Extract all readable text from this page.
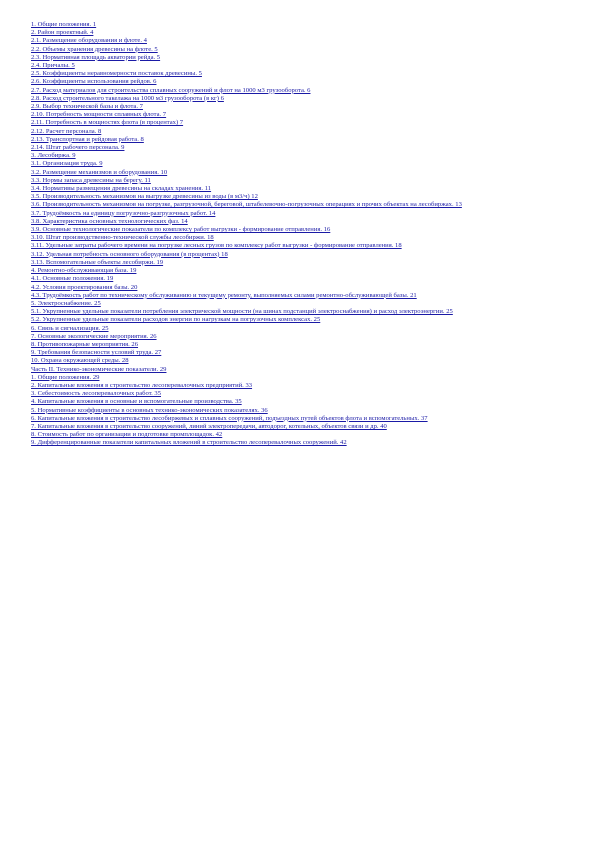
1. Общие положения. 1
2. Район проектный. 4
2.1. Размещение оборудования и флоте. 4
2.2. Объемы хранения древесины на флоте. 5
2.3. Нормативная площадь акватории рейда. 5
2.4. Причалы. 5
2.5. Коэффициенты неравномерности поставок древесины. 5
2.6. Коэффициенты использования рейдов. 6
2.7. Расход материалов для строительства сплавных сооружений и флот на 1000 м3 грузооборота. 6
2.8. Расход строительного такелажа на 1000 м3 грузооборота (в кг) 6
2.9. Выбор технической базы и флота. 7
2.10. Потребность мощности сплавных флота. 7
2.11. Потребность в мощностях флота (в процентах) 7
2.12. Расчет персонала. 8
2.13. Транспортная и рейдовая работа. 8
2.14. Штат рабочего персонала. 9
3. Лесобиржа. 9
3.1. Организация труда. 9
3.2. Размещение механизмов и оборудования. 10
3.3. Нормы запаса древесины на берегу. 11
3.4. Нормативы размещения древесины на складах хранения. 11
3.5. Производительность механизмов на выгрузке древесины из воды (в м3/ч) 12
3.6. Производительность механизмов на погрузке, разгрузочной, береговой, штабелевочно-погрузочных операциях и прочих объектах на лесобиржах. 13
3.7. Трудоёмкость на единицу погрузочно-разгрузочных работ. 14
3.8. Характеристика основных технологических фаз. 14
3.9. Основные технологические показатели по комплексу работ выгрузки - формирование отправления. 16
3.10. Штат производственно-технической службы лесобиржи. 18
3.11. Удельные затраты рабочего времени на погрузке лесных грузов по комплексу работ выгрузки - формирование отправления. 18
3.12. Удельная потребность основного оборудования (в процентах) 18
3.13. Вспомогательные объекты лесобиржи. 19
4. Ремонтно-обслуживающая база. 19
4.1. Основные положения. 19
4.2. Условия проектирования базы. 20
4.3. Трудоёмкость работ по техническому обслуживанию и текущему ремонту, выполняемых силами ремонтно-обслуживающей базы. 21
5. Электроснабжение. 25
5.1. Укрупненные удельные показатели потребления электрической мощности (на шинах подстанций электроснабжения) и расход электроэнергии. 25
5.2. Укрупненные удельные показатели расходов энергии по нагрузкам на погрузочных комплексах. 25
6. Связь и сигнализация. 25
7. Основные экологические мероприятия. 26
8. Противопожарные мероприятия. 26
9. Требования безопасности условий труда. 27
10. Охрана окружающей среды. 28
Часть II. Технико-экономические показатели. 29
1. Общие положения. 29
2. Капитальные вложения в строительство лесоперевалочных предприятий. 33
3. Себестоимость лесоперевалочных работ. 35
4. Капитальные вложения в основные и вспомогательные производства. 35
5. Нормативные коэффициенты в основных технико-экономических показателях. 36
6. Капитальные вложения в строительство лесобиржевых и сплавных сооружений, подъездных путей объектов флота и вспомогательных. 37
7. Капитальные вложения в строительство сооружений, линий электропередачи, автодорог, котельных, объектов связи и др. 40
8. Стоимость работ по организации и подготовке промплощадок. 42
9. Дифференцированные показатели капитальных вложений в строительство лесоперевалочных сооружений. 42
